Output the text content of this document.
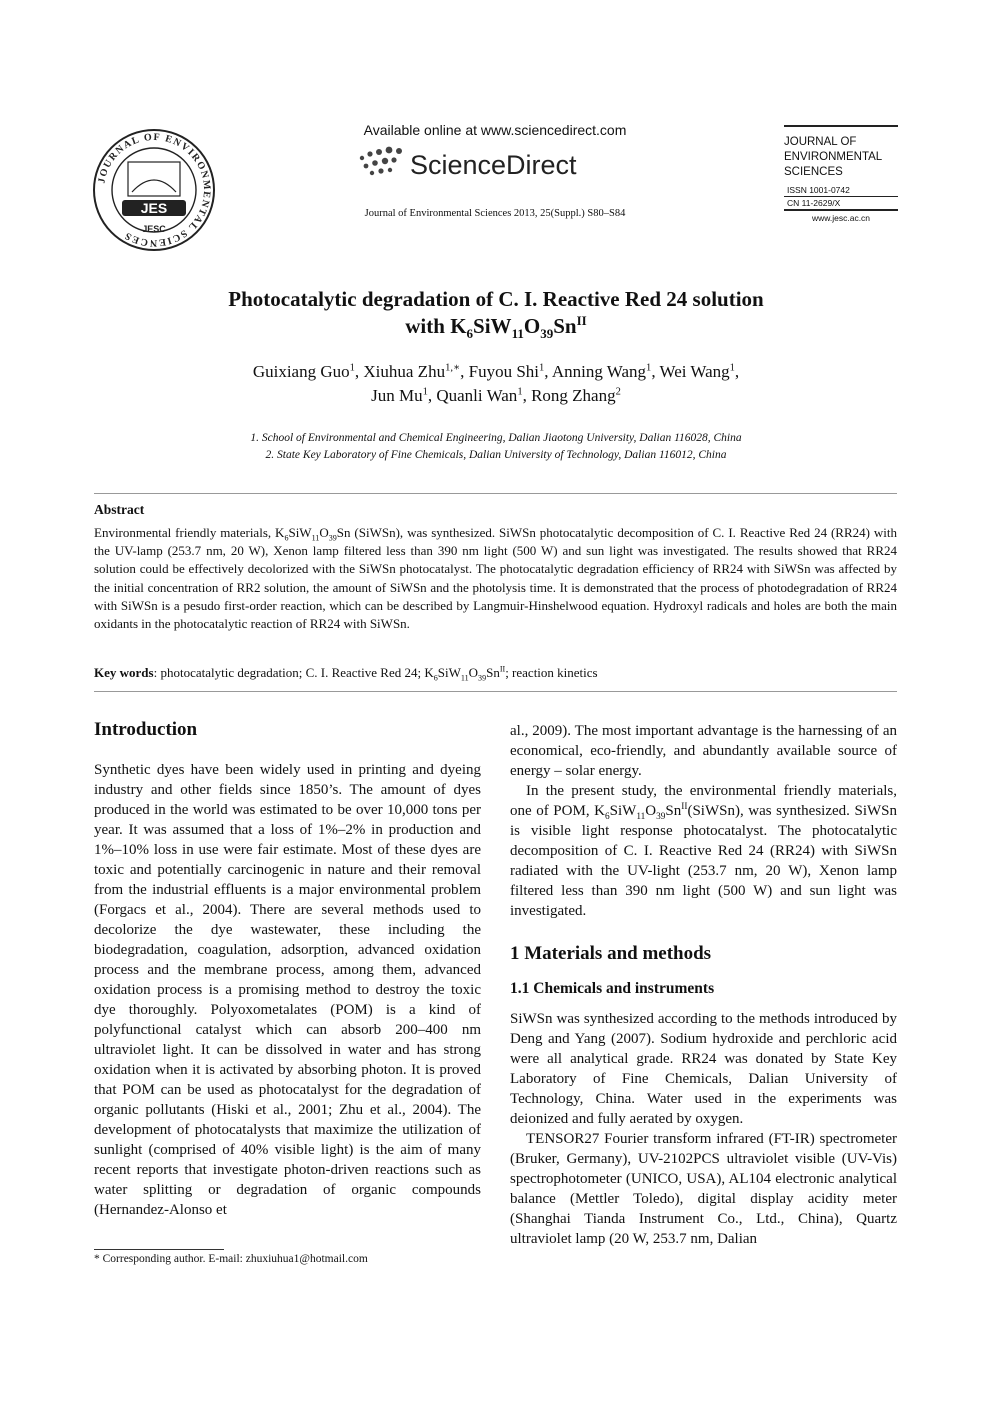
JOURNAL OF ENVIRONMENTAL SCIENCES
JES
JESC
Available online at www.sciencedirect.com
ScienceDirect
Journal of Environmental Sciences 2013, 25(Suppl.) S80–S84
JOURNAL OF
ENVIRONMENTAL
SCIENCES
ISSN 1001-0742
CN 11-2629/X
www.jesc.ac.cn
Photocatalytic degradation of C. I. Reactive Red 24 solution
with $K_6SiW_{11}O_{39}Sn^{II}$
Guixiang Guo$^1$, Xiuhua Zhu$^{1,∗}$, Fuyou Shi$^1$, Anning Wang$^1$, Wei Wang$^1$,
Jun Mu$^1$, Quanli Wan$^1$, Rong Zhang$^2$
1. School of Environmental and Chemical Engineering, Dalian Jiaotong University, Dalian 116028, China
2. State Key Laboratory of Fine Chemicals, Dalian University of Technology, Dalian 116012, China
Abstract

Environmental friendly materials, $K_6SiW_{11}O_{39}Sn$ (SiWSn), was synthesized. SiWSn photocatalytic decomposition of C. I. Reactive Red 24 (RR24) with the UV-lamp (253.7 nm, 20 W), Xenon lamp filtered less than 390 nm light (500 W) and sun light was investigated. The results showed that RR24 solution could be effectively decolorized with the SiWSn photocatalyst. The photocatalytic degradation efficiency of RR24 with SiWSn was affected by the initial concentration of RR2 solution, the amount of SiWSn and the photolysis time. It is demonstrated that the process of photodegradation of RR24 with SiWSn is a pesudo first-order reaction, which can be described by Langmuir-Hinshelwood equation. Hydroxyl radicals and holes are both the main oxidants in the photocatalytic reaction of RR24 with SiWSn.

Key words: photocatalytic degradation; C. I. Reactive Red 24; $K_6SiW_{11}O_{39}Sn^{II}$; reaction kinetics
Introduction

Synthetic dyes have been widely used in printing and dyeing industry and other fields since 1850’s. The amount of dyes produced in the world was estimated to be over 10,000 tons per year. It was assumed that a loss of 1%–2% in production and 1%–10% loss in use were fair estimate. Most of these dyes are toxic and potentially carcinogenic in nature and their removal from the industrial effluents is a major environmental problem (Forgacs et al., 2004). There are several methods used to decolorize the dye wastewater, these including the biodegradation, coagulation, adsorption, advanced oxidation process and the membrane process, among them, advanced oxidation process is a promising method to destroy the toxic dye thoroughly. Polyoxometalates (POM) is a kind of polyfunctional catalyst which can absorb 200–400 nm ultraviolet light. It can be dissolved in water and has strong oxidation when it is activated by absorbing photon. It is proved that POM can be used as photocatalyst for the degradation of organic pollutants (Hiski et al., 2001; Zhu et al., 2004). The development of photocatalysts that maximize the utilization of sunlight (comprised of 40% visible light) is the aim of many recent reports that investigate photon-driven reactions such as water splitting or degradation of organic compounds (Hernandez-Alonso et

al., 2009). The most important advantage is the harnessing of an economical, eco-friendly, and abundantly available source of energy – solar energy.

In the present study, the environmental friendly materials, one of POM, $K_6SiW_{11}O_{39}Sn^{II}(SiWSn)$, was synthesized. SiWSn is visible light response photocatalyst. The photocatalytic decomposition of C. I. Reactive Red 24 (RR24) with SiWSn radiated with the UV-light (253.7 nm, 20 W), Xenon lamp filtered less than 390 nm light (500 W) and sun light was investigated.

1 Materials and methods
1.1 Chemicals and instruments

SiWSn was synthesized according to the methods introduced by Deng and Yang (2007). Sodium hydroxide and perchloric acid were all analytical grade. RR24 was donated by State Key Laboratory of Fine Chemicals, Dalian University of Technology, China. Water used in the experiments was deionized and fully aerated by oxygen.

TENSOR27 Fourier transform infrared (FT-IR) spectrometer (Bruker, Germany), UV-2102PCS ultraviolet visible (UV-Vis) spectrophotometer (UNICO, USA), AL104 electronic analytical balance (Mettler Toledo), digital display acidity meter (Shanghai Tianda Instrument Co., Ltd., China), Quartz ultraviolet lamp (20 W, 253.7 nm, Dalian

* Corresponding author. E-mail: zhuxiuhua1@hotmail.com
